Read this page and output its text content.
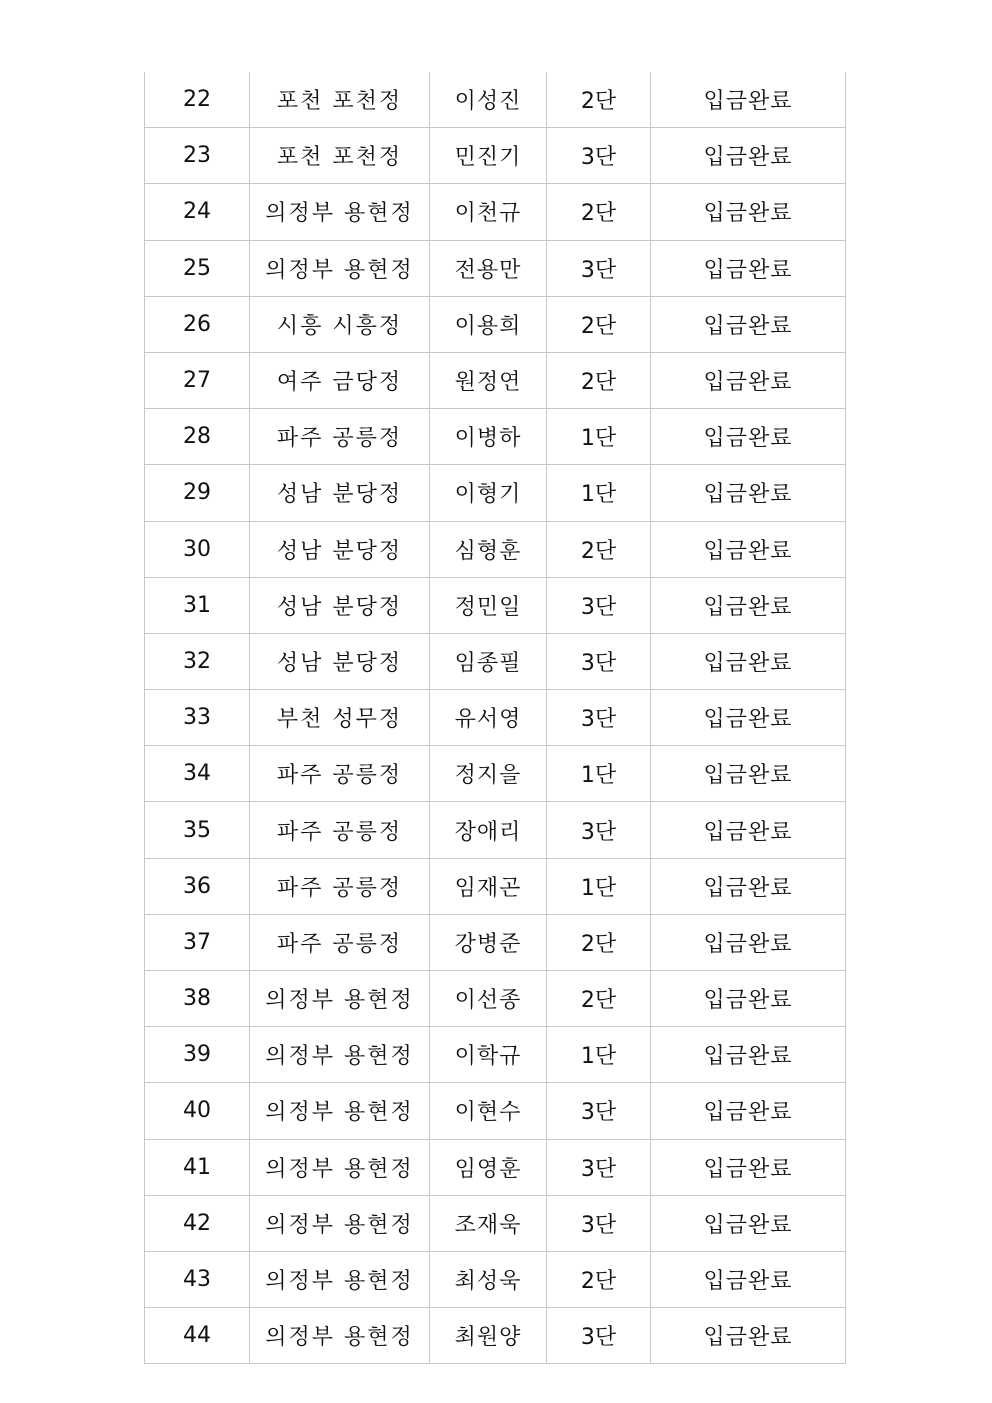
22	포천 포천정	이성진	2단	입금완료
23	포천 포천정	민진기	3단	입금완료
24	의정부 용현정	이천규	2단	입금완료
25	의정부 용현정	전용만	3단	입금완료
26	시흥 시흥정	이용희	2단	입금완료
27	여주 금당정	원정연	2단	입금완료
28	파주 공릉정	이병하	1단	입금완료
29	성남 분당정	이형기	1단	입금완료
30	성남 분당정	심형훈	2단	입금완료
31	성남 분당정	정민일	3단	입금완료
32	성남 분당정	임종필	3단	입금완료
33	부천 성무정	유서영	3단	입금완료
34	파주 공릉정	정지을	1단	입금완료
35	파주 공릉정	장애리	3단	입금완료
36	파주 공릉정	임재곤	1단	입금완료
37	파주 공릉정	강병준	2단	입금완료
38	의정부 용현정	이선종	2단	입금완료
39	의정부 용현정	이학규	1단	입금완료
40	의정부 용현정	이현수	3단	입금완료
41	의정부 용현정	임영훈	3단	입금완료
42	의정부 용현정	조재욱	3단	입금완료
43	의정부 용현정	최성욱	2단	입금완료
44	의정부 용현정	최원양	3단	입금완료
